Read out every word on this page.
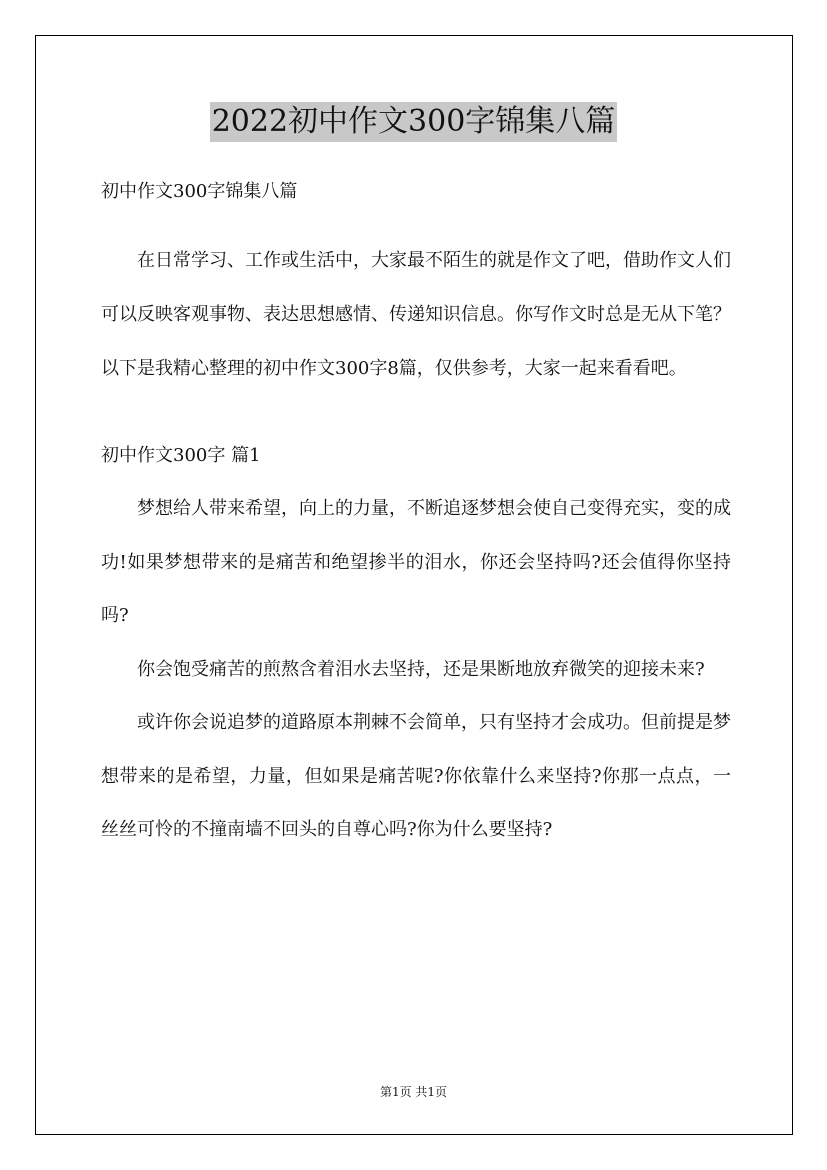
2022初中作文300字锦集八篇

初中作文300字锦集八篇

在日常学习、工作或生活中，大家最不陌生的就是作文了吧，借助作文人们可以反映客观事物、表达思想感情、传递知识信息。你写作文时总是无从下笔？以下是我精心整理的初中作文300字8篇，仅供参考，大家一起来看看吧。

初中作文300字 篇1

梦想给人带来希望，向上的力量，不断追逐梦想会使自己变得充实，变的成功!如果梦想带来的是痛苦和绝望掺半的泪水，你还会坚持吗?还会值得你坚持吗?

你会饱受痛苦的煎熬含着泪水去坚持，还是果断地放弃微笑的迎接未来?

或许你会说追梦的道路原本荆棘不会简单，只有坚持才会成功。但前提是梦想带来的是希望，力量，但如果是痛苦呢?你依靠什么来坚持?你那一点点，一丝丝可怜的不撞南墙不回头的自尊心吗?你为什么要坚持?

第1页 共1页
